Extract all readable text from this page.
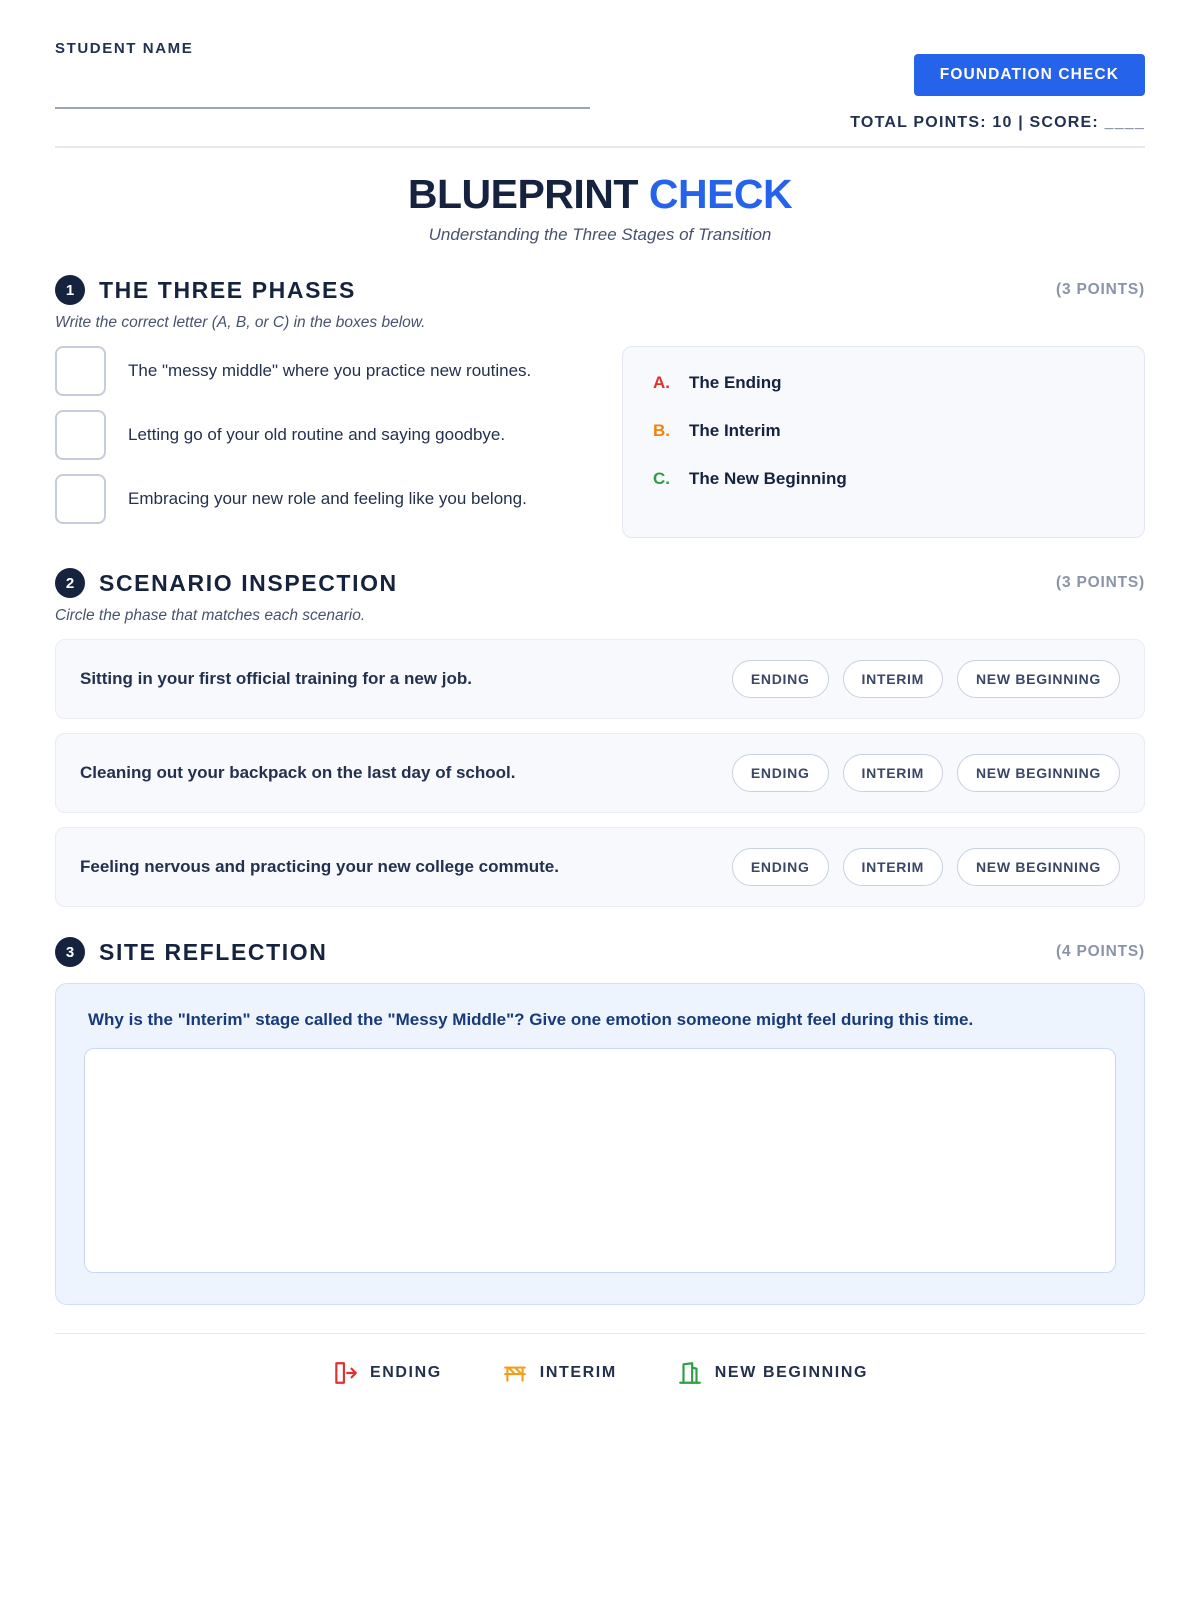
STUDENT NAME
FOUNDATION CHECK
TOTAL POINTS: 10 | SCORE: ____
BLUEPRINT CHECK
Understanding the Three Stages of Transition
1	THE THREE PHASES	(3 POINTS)
Write the correct letter (A, B, or C) in the boxes below.
The "messy middle" where you practice new routines.
Letting go of your old routine and saying goodbye.
Embracing your new role and feeling like you belong.
A.	The Ending
B.	The Interim
C.	The New Beginning
2	SCENARIO INSPECTION	(3 POINTS)
Circle the phase that matches each scenario.
Sitting in your first official training for a new job.	ENDING	INTERIM	NEW BEGINNING
Cleaning out your backpack on the last day of school.	ENDING	INTERIM	NEW BEGINNING
Feeling nervous and practicing your new college commute.	ENDING	INTERIM	NEW BEGINNING
3	SITE REFLECTION	(4 POINTS)
Why is the "Interim" stage called the "Messy Middle"? Give one emotion someone might feel during this time.
ENDING	INTERIM	NEW BEGINNING
